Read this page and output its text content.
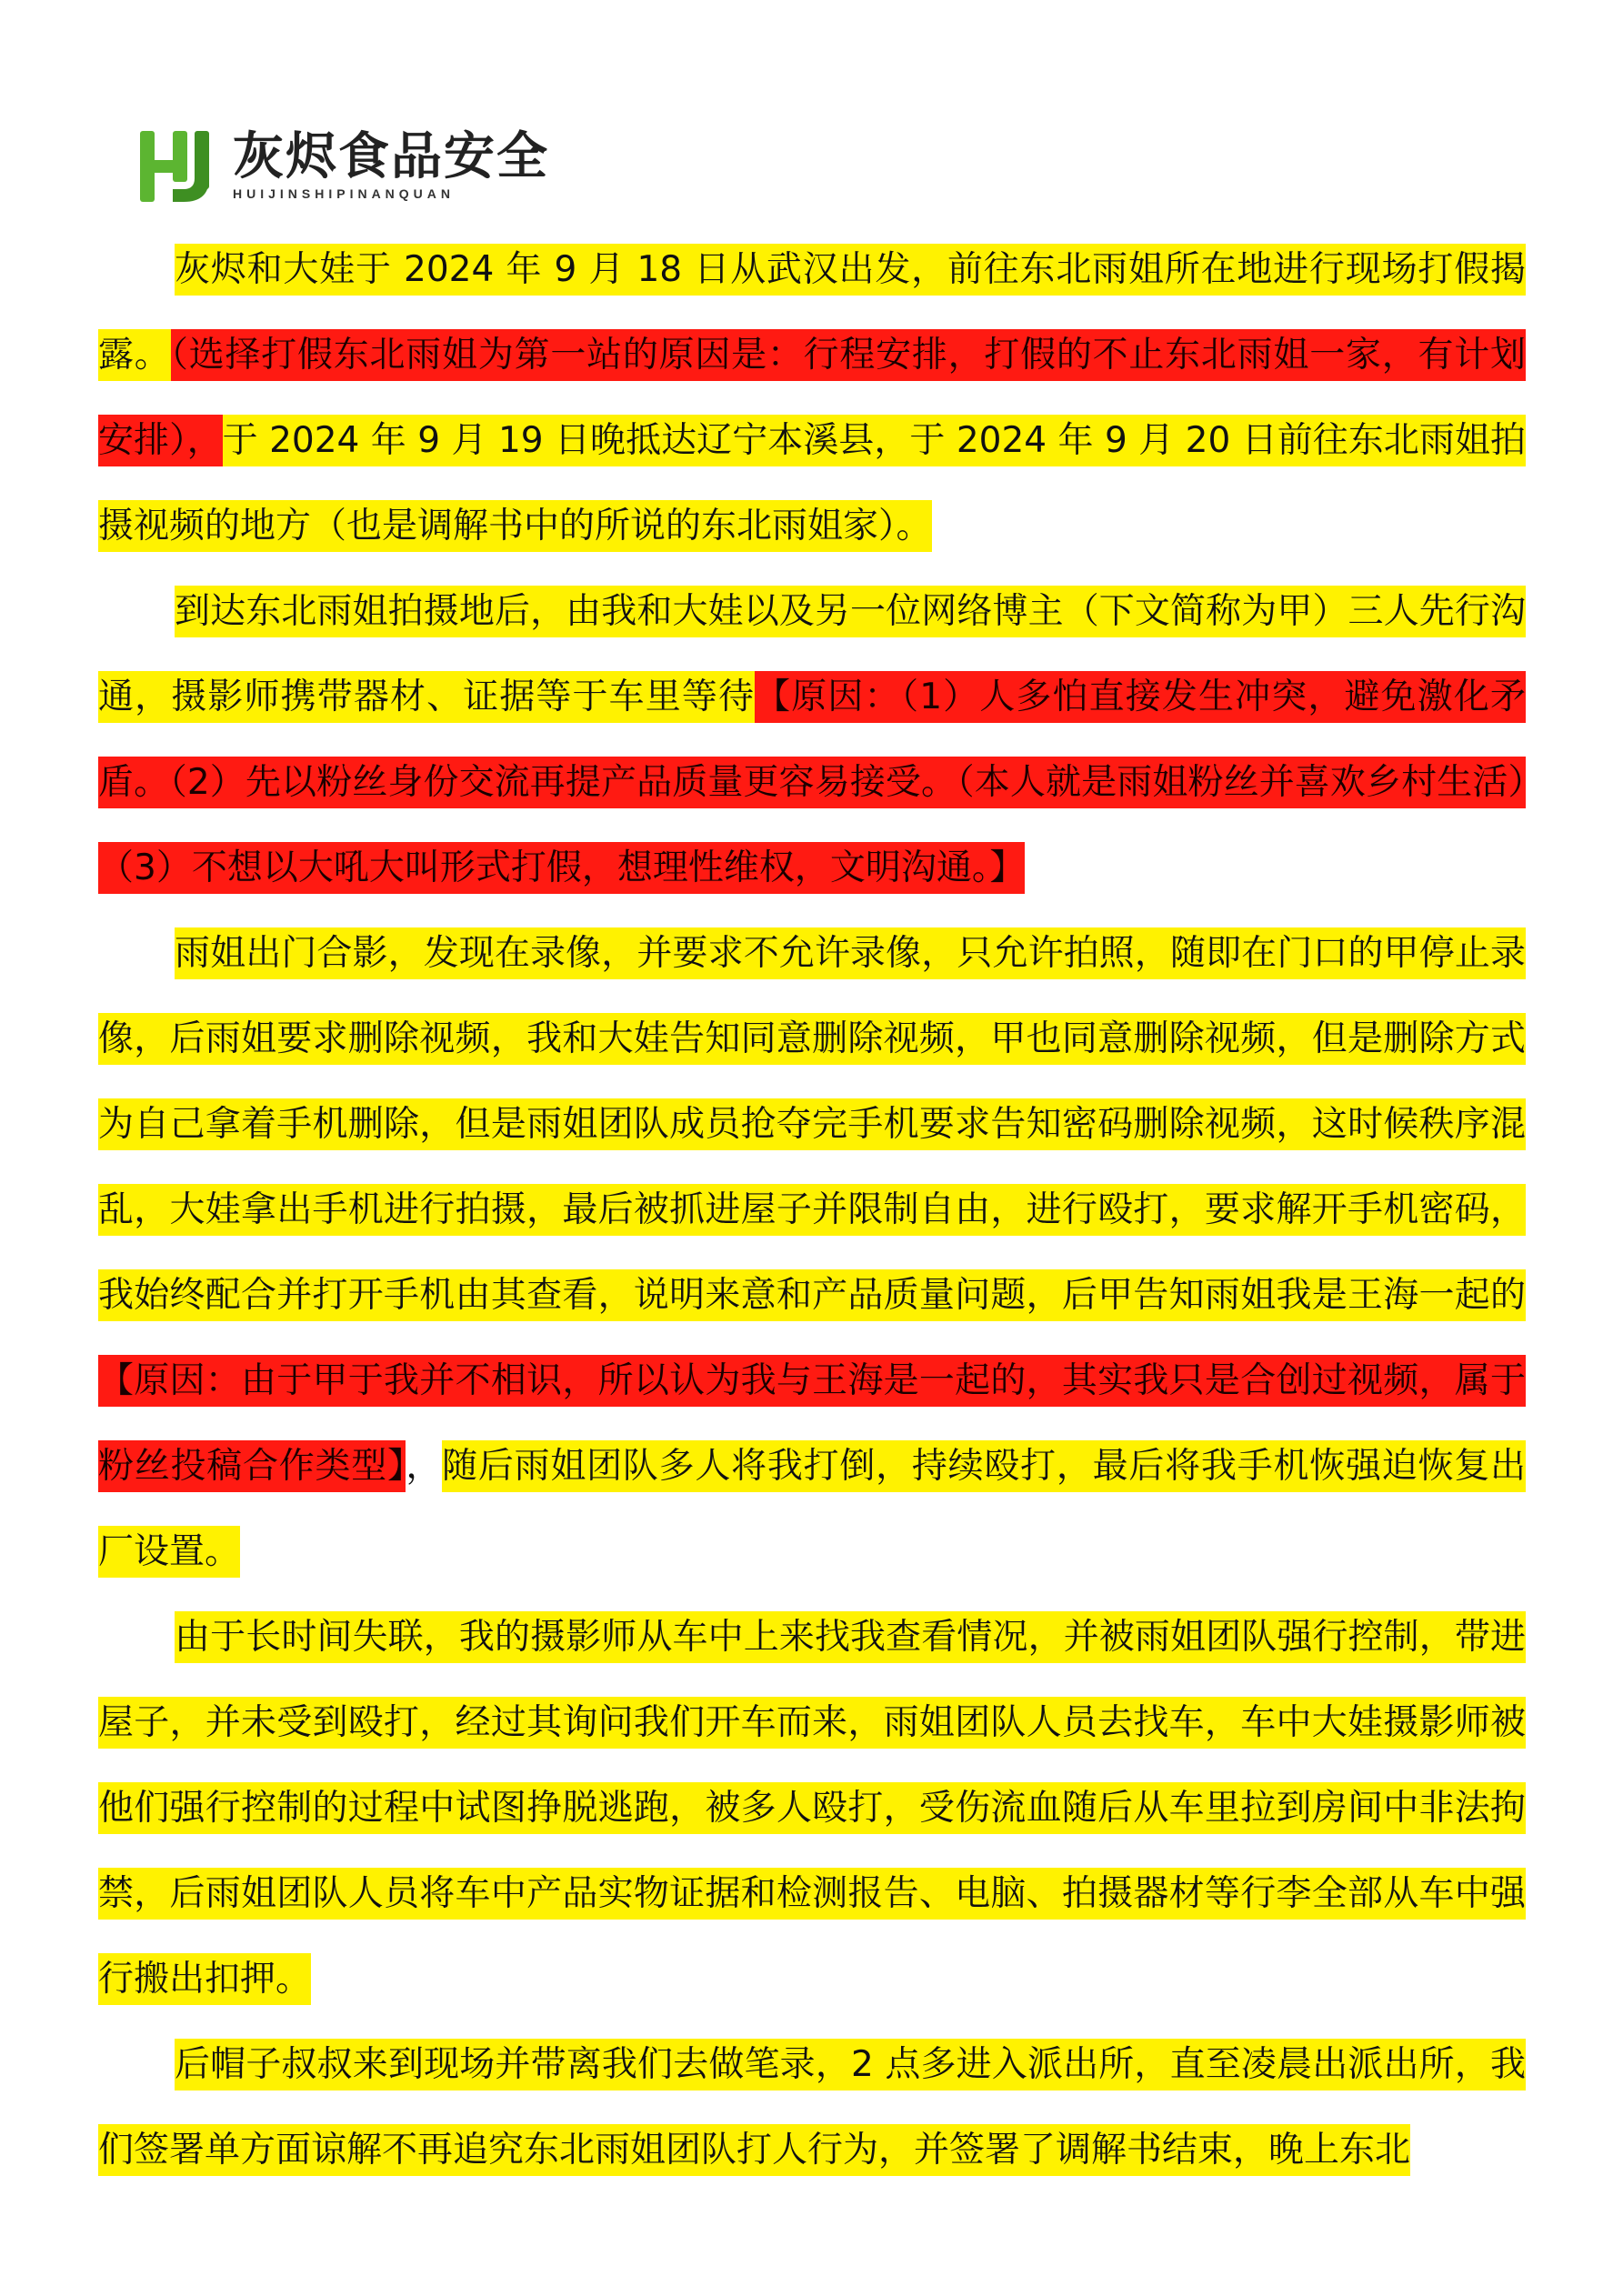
灰烬食品安全
HUIJINSHIPINANQUAN

灰烬和大娃于 2024 年 9 月 18 日从武汉出发，前往东北雨姐所在地进行现场打假揭露。（选择打假东北雨姐为第一站的原因是：行程安排，打假的不止东北雨姐一家，有计划安排），于 2024 年 9 月 19 日晚抵达辽宁本溪县，于 2024 年 9 月 20 日前往东北雨姐拍摄视频的地方（也是调解书中的所说的东北雨姐家）。

到达东北雨姐拍摄地后，由我和大娃以及另一位网络博主（下文简称为甲）三人先行沟通，摄影师携带器材、证据等于车里等待【原因：（1）人多怕直接发生冲突，避免激化矛盾。（2）先以粉丝身份交流再提产品质量更容易接受。（本人就是雨姐粉丝并喜欢乡村生活）（3）不想以大吼大叫形式打假，想理性维权，文明沟通。】

雨姐出门合影，发现在录像，并要求不允许录像，只允许拍照，随即在门口的甲停止录像，后雨姐要求删除视频，我和大娃告知同意删除视频，甲也同意删除视频，但是删除方式为自己拿着手机删除，但是雨姐团队成员抢夺完手机要求告知密码删除视频，这时候秩序混乱，大娃拿出手机进行拍摄，最后被抓进屋子并限制自由，进行殴打，要求解开手机密码，我始终配合并打开手机由其查看，说明来意和产品质量问题，后甲告知雨姐我是王海一起的【原因：由于甲于我并不相识，所以认为我与王海是一起的，其实我只是合创过视频，属于粉丝投稿合作类型】，随后雨姐团队多人将我打倒，持续殴打，最后将我手机恢强迫恢复出厂设置。

由于长时间失联，我的摄影师从车中上来找我查看情况，并被雨姐团队强行控制，带进屋子，并未受到殴打，经过其询问我们开车而来，雨姐团队人员去找车，车中大娃摄影师被他们强行控制的过程中试图挣脱逃跑，被多人殴打，受伤流血随后从车里拉到房间中非法拘禁，后雨姐团队人员将车中产品实物证据和检测报告、电脑、拍摄器材等行李全部从车中强行搬出扣押。

后帽子叔叔来到现场并带离我们去做笔录，2 点多进入派出所，直至凌晨出派出所，我们签署单方面谅解不再追究东北雨姐团队打人行为，并签署了调解书结束，晚上东北
